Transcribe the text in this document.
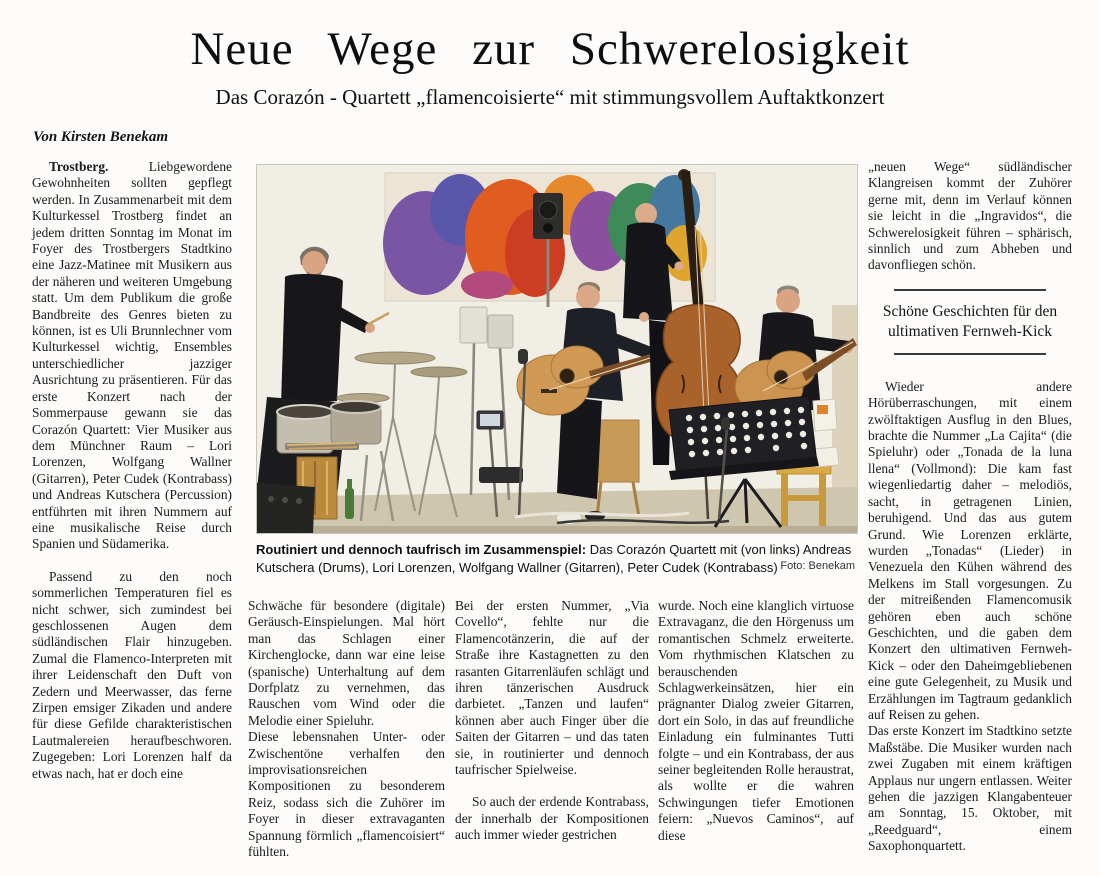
Neue Wege zur Schwerelosigkeit
Das Corazón - Quartett „flamencoisierte“ mit stimmungsvollem Auftaktkonzert
Von Kirsten Benekam

Trostberg.	Liebgewordene Gewohnheiten sollten gepflegt werden. In Zusammenarbeit mit dem Kulturkessel Trostberg findet an jedem dritten Sonntag im Monat im Foyer des Trostbergers Stadtkino eine Jazz-Matinee mit Musikern aus der näheren und weiteren Umgebung statt. Um dem Publikum die große Bandbreite des Genres bieten zu können, ist es Uli Brunnlechner vom Kulturkessel wichtig, Ensembles unterschiedlicher jazziger Ausrichtung zu präsentieren. Für das erste Konzert nach der Sommerpause gewann sie das Corazón Quartett: Vier Musiker aus dem Münchner Raum – Lori Lorenzen, Wolfgang Wallner (Gitarren), Peter Cudek (Kontrabass) und Andreas Kutschera (Percussion) entführten mit ihren Nummern auf eine musikalische Reise durch Spanien und Südamerika.

Passend zu den noch sommerlichen Temperaturen fiel es nicht schwer, sich zumindest bei geschlossenen Augen dem südländischen Flair hinzugeben. Zumal die Flamenco-Interpreten mit ihrer Leidenschaft den Duft von Zedern und Meerwasser, das ferne Zirpen emsiger Zikaden und andere für diese Gefilde charakteristischen Lautmalereien heraufbeschworen. Zugegeben: Lori Lorenzen half da etwas nach, hat er doch eine

Routiniert und dennoch taufrisch im Zusammenspiel: Das Corazón Quartett mit (von links) Andreas Kutschera (Drums), Lori Lorenzen, Wolfgang Wallner (Gitarren), Peter Cudek (Kontrabass) Foto: Benekam

Schwäche für besondere (digitale) Geräusch-Einspielungen. Mal hört man das Schlagen einer Kirchenglocke, dann war eine leise (spanische) Unterhaltung auf dem Dorfplatz zu vernehmen, das Rauschen vom Wind oder die Melodie einer Spieluhr.

Diese lebensnahen Unter- oder Zwischentöne verhalfen den improvisationsreichen Kompositionen zu besonderem Reiz, sodass sich die Zuhörer im Foyer in dieser extravaganten Spannung förmlich „flamencoisiert“ fühlten.

Bei der ersten Nummer, „Via Covello“, fehlte nur die Flamencotänzerin, die auf der Straße ihre Kastagnetten zu den rasanten Gitarrenläufen schlägt und ihren tänzerischen Ausdruck darbietet. „Tanzen und laufen“ können aber auch Finger über die Saiten der Gitarren – und das taten sie, in routinierter und dennoch taufrischer Spielweise.

So auch der erdende Kontrabass, der innerhalb der Kompositionen auch immer wieder gestrichen

wurde. Noch eine klanglich virtuose Extravaganz, die den Hörgenuss um romantischen Schmelz erweiterte. Vom rhythmischen Klatschen zu berauschenden Schlagwerkeinsätzen, hier ein prägnanter Dialog zweier Gitarren, dort ein Solo, in das auf freundliche Einladung ein fulminantes Tutti folgte – und ein Kontrabass, der aus seiner begleitenden Rolle heraustrat, als wollte er die wahren Schwingungen tiefer Emotionen feiern: „Nuevos Caminos“, auf diese

„neuen Wege“ südländischer Klangreisen kommt der Zuhörer gerne mit, denn im Verlauf können sie leicht in die „Ingravidos“, die Schwerelosigkeit führen – sphärisch, sinnlich und zum Abheben und davonfliegen schön.

Schöne Geschichten für den ultimativen Fernweh-Kick

Wieder andere Hörüberraschungen, mit einem zwölftaktigen Ausflug in den Blues, brachte die Nummer „La Cajita“ (die Spieluhr) oder „Tonada de la luna llena“ (Vollmond): Die kam fast wiegenliedartig daher – melodiös, sacht, in getragenen Linien, beruhigend. Und das aus gutem Grund. Wie Lorenzen erklärte, wurden „Tonadas“ (Lieder) in Venezuela den Kühen während des Melkens im Stall vorgesungen. Zu der mitreißenden Flamencomusik gehören eben auch schöne Geschichten, und die gaben dem Konzert den ultimativen Fernweh-Kick – oder den Daheimgebliebenen eine gute Gelegenheit, zu Musik und Erzählungen im Tagtraum gedanklich auf Reisen zu gehen.

Das erste Konzert im Stadtkino setzte Maßstäbe. Die Musiker wurden nach zwei Zugaben mit einem kräftigen Applaus nur ungern entlassen. Weiter gehen die jazzigen Klangabenteuer am Sonntag, 15. Oktober, mit „Reedguard“, einem Saxophonquartett.
